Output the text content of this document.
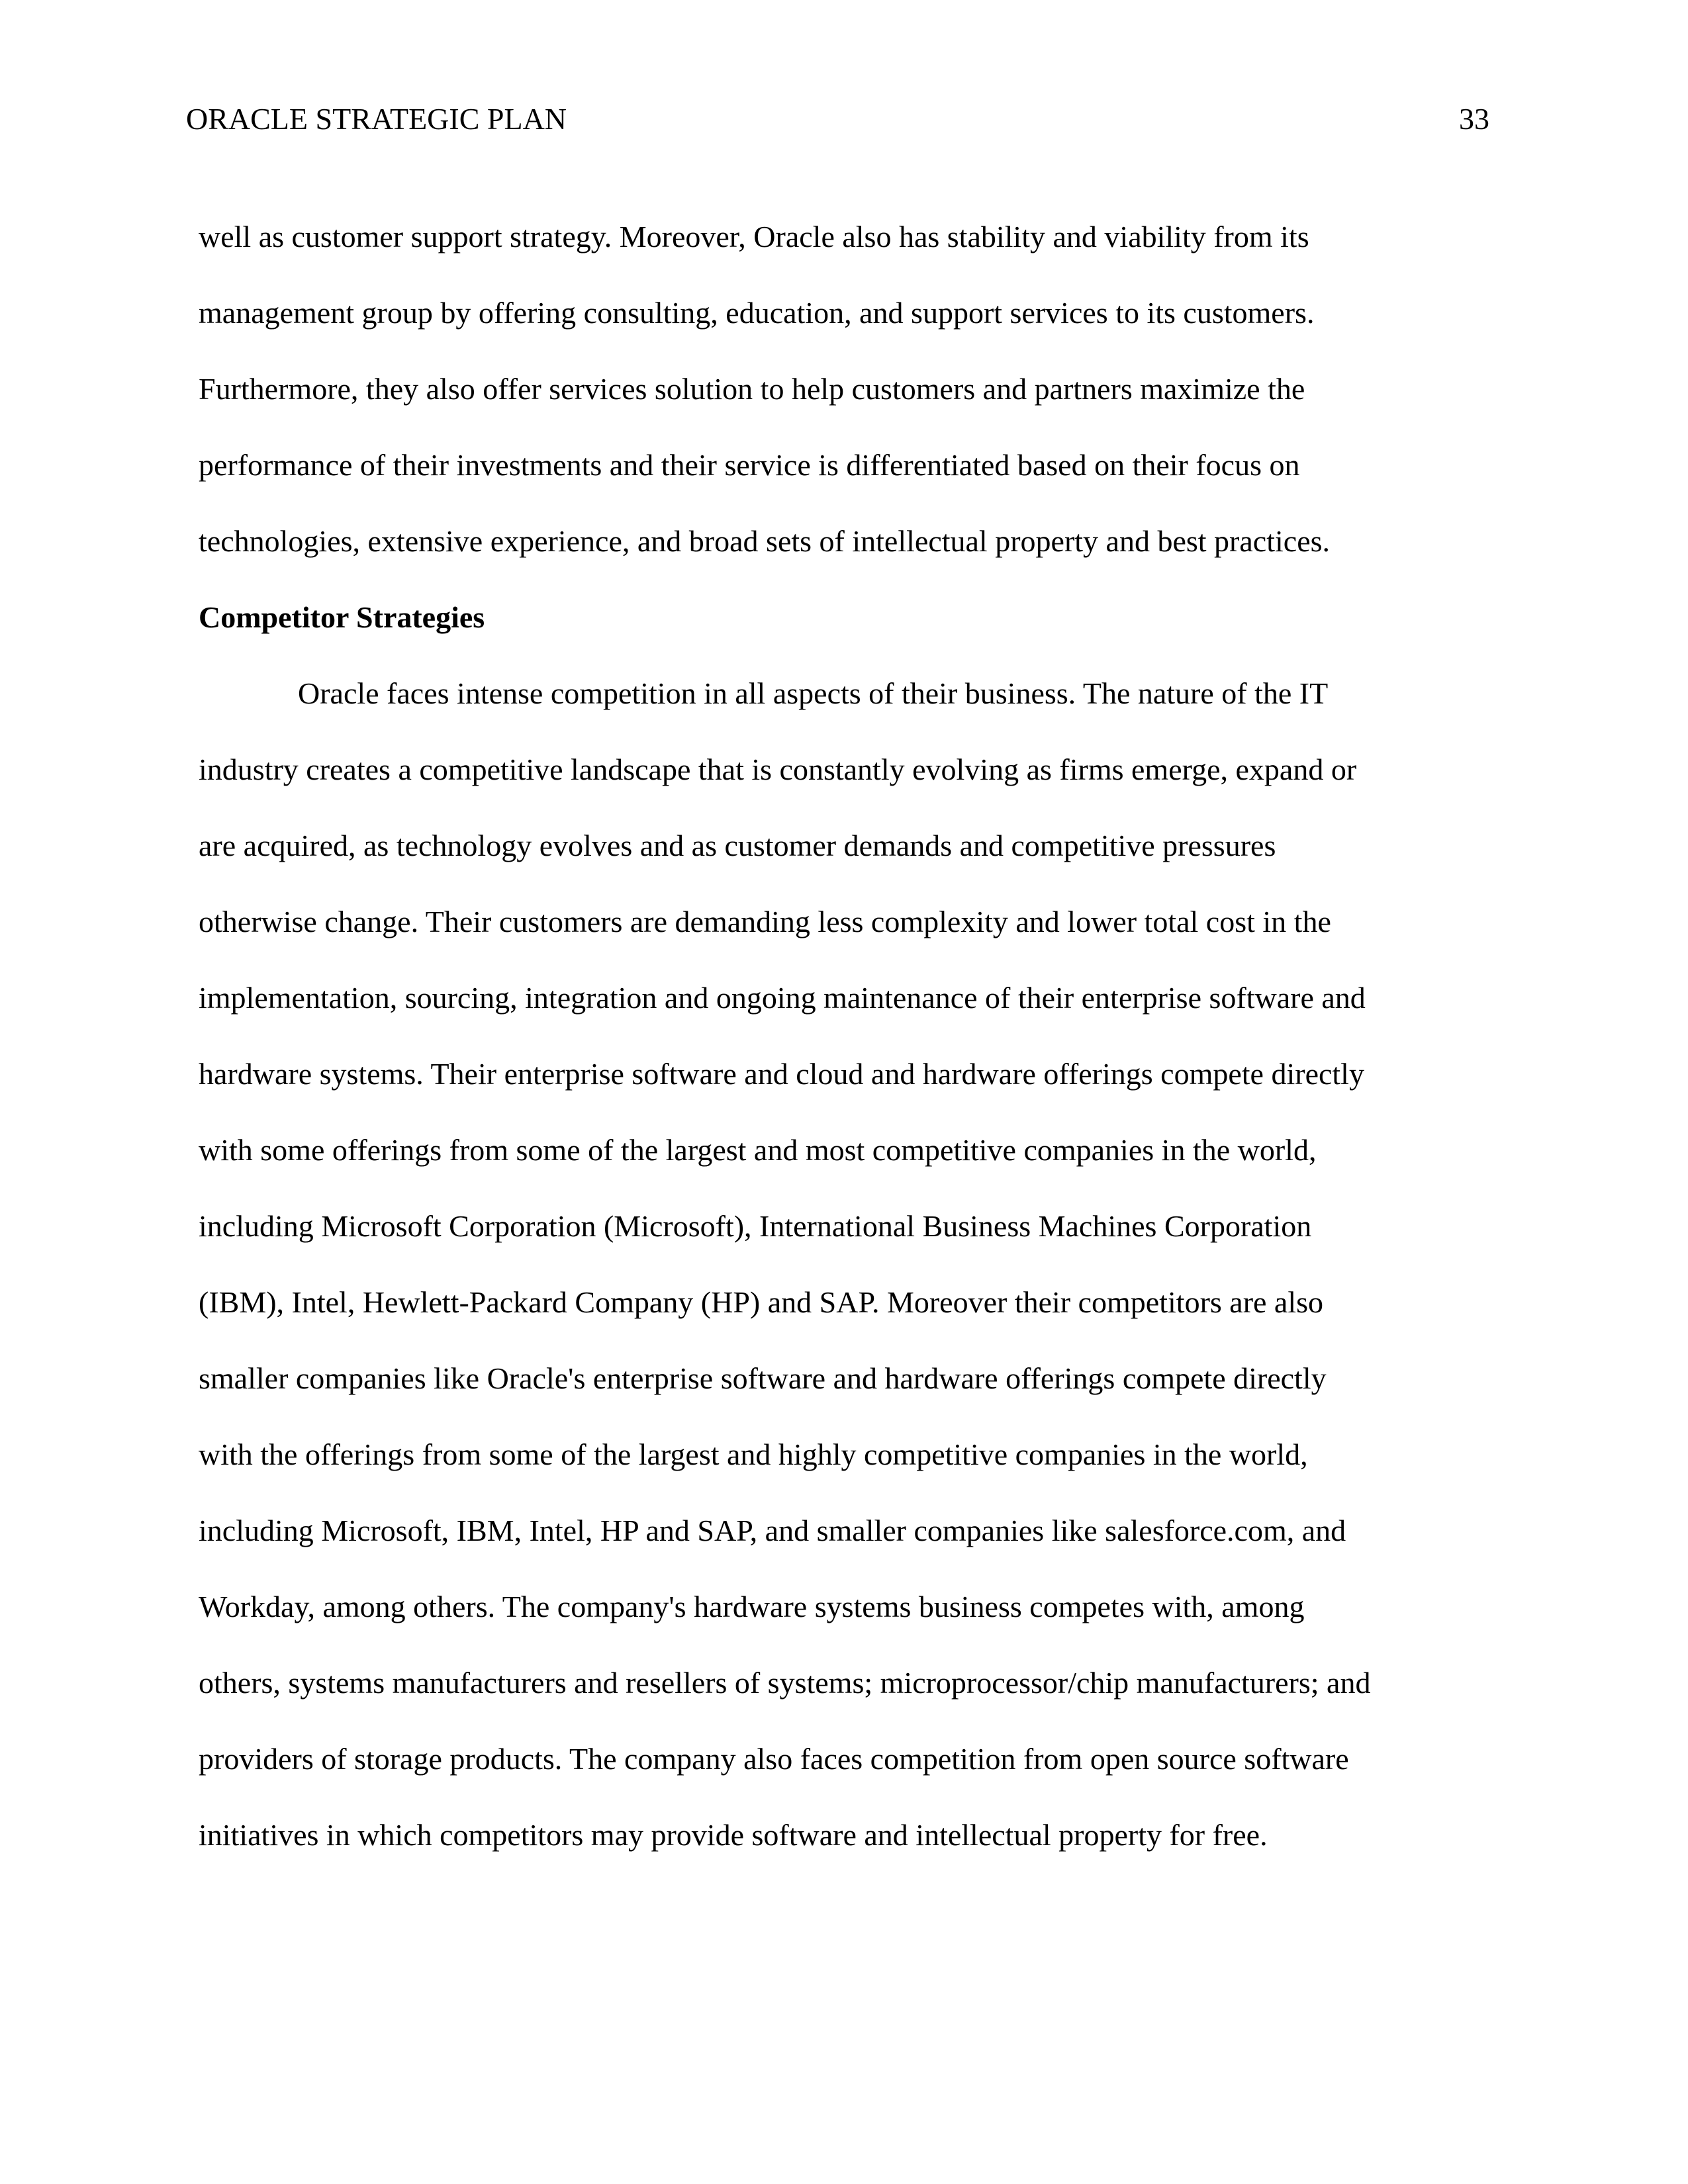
ORACLE STRATEGIC PLAN	33
well as customer support strategy. Moreover, Oracle also has stability and viability from its
management group by offering consulting, education, and support services to its customers.
Furthermore, they also offer services solution to help customers and partners maximize the
performance of their investments and their service is differentiated based on their focus on
technologies, extensive experience, and broad sets of intellectual property and best practices.
Competitor Strategies
Oracle faces intense competition in all aspects of their business. The nature of the IT
industry creates a competitive landscape that is constantly evolving as firms emerge, expand or
are acquired, as technology evolves and as customer demands and competitive pressures
otherwise change. Their customers are demanding less complexity and lower total cost in the
implementation, sourcing, integration and ongoing maintenance of their enterprise software and
hardware systems. Their enterprise software and cloud and hardware offerings compete directly
with some offerings from some of the largest and most competitive companies in the world,
including Microsoft Corporation (Microsoft), International Business Machines Corporation
(IBM), Intel, Hewlett-Packard Company (HP) and SAP. Moreover their competitors are also
smaller companies like Oracle's enterprise software and hardware offerings compete directly
with the offerings from some of the largest and highly competitive companies in the world,
including Microsoft, IBM, Intel, HP and SAP, and smaller companies like salesforce.com, and
Workday, among others. The company's hardware systems business competes with, among
others, systems manufacturers and resellers of systems; microprocessor/chip manufacturers; and
providers of storage products. The company also faces competition from open source software
initiatives in which competitors may provide software and intellectual property for free.
